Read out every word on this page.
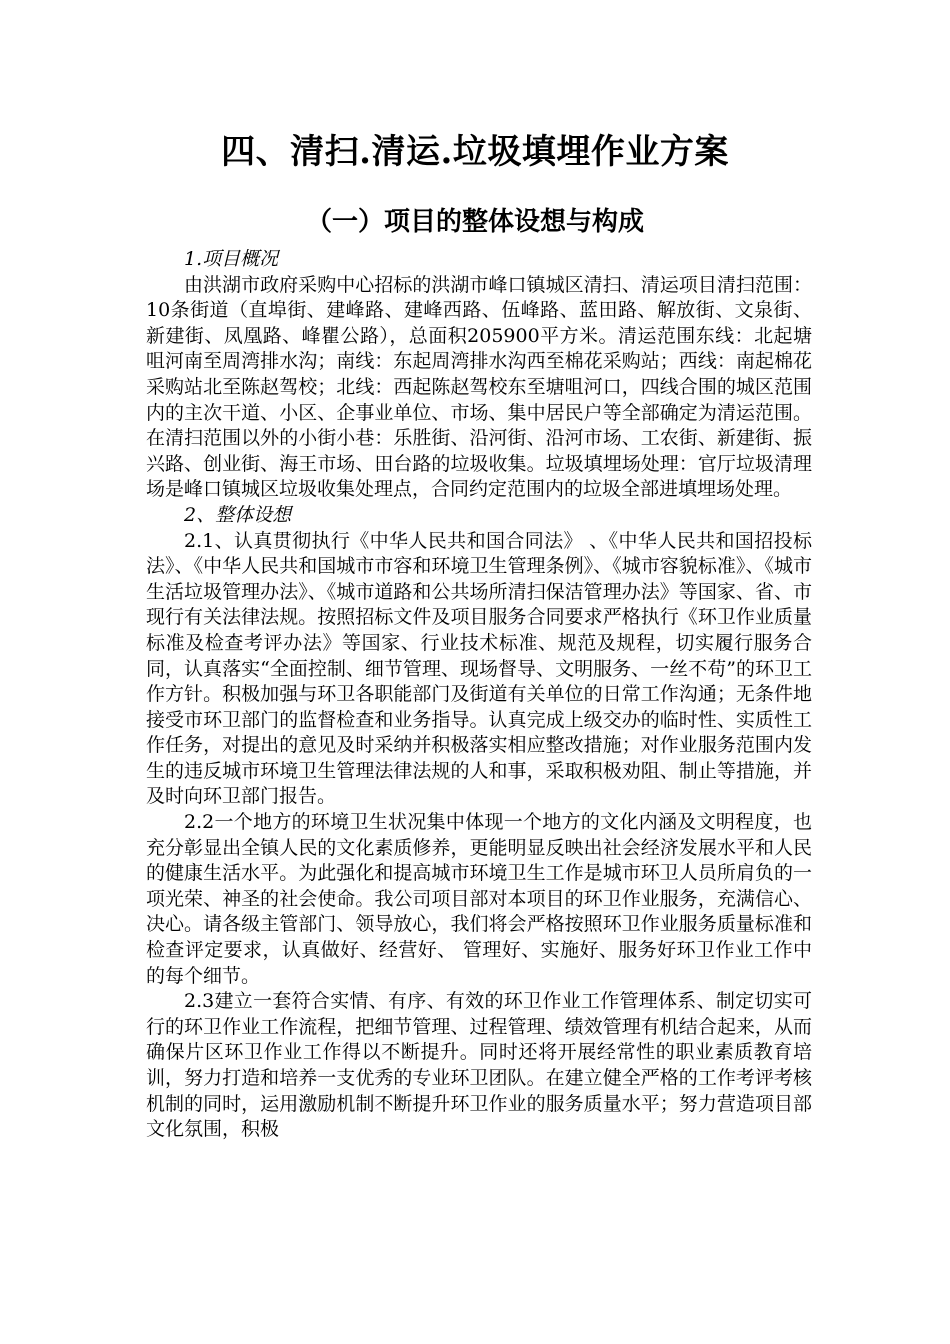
四、清扫.清运.垃圾填埋作业方案
（一）项目的整体设想与构成

1.项目概况

由洪湖市政府采购中心招标的洪湖市峰口镇城区清扫、清运项目清扫范围：10条街道（直埠街、建峰路、建峰西路、伍峰路、蓝田路、解放街、文泉街、新建街、凤凰路、峰瞿公路），总面积205900平方米。清运范围东线：北起塘咀河南至周湾排水沟；南线：东起周湾排水沟西至棉花采购站；西线：南起棉花采购站北至陈赵驾校；北线：西起陈赵驾校东至塘咀河口，四线合围的城区范围内的主次干道、小区、企事业单位、市场、集中居民户等全部确定为清运范围。在清扫范围以外的小街小巷：乐胜街、沿河街、沿河市场、工农街、新建街、振兴路、创业街、海王市场、田台路的垃圾收集。垃圾填埋场处理：官厅垃圾清理场是峰口镇城区垃圾收集处理点，合同约定范围内的垃圾全部进填埋场处理。

2、整体设想

2.1、认真贯彻执行《中华人民共和国合同法》 、《中华人民共和国招投标法》、《中华人民共和国城市市容和环境卫生管理条例》、《城市容貌标准》、《城市生活垃圾管理办法》、《城市道路和公共场所清扫保洁管理办法》等国家、省、市现行有关法律法规。按照招标文件及项目服务合同要求严格执行《环卫作业质量标准及检查考评办法》等国家、行业技术标准、规范及规程，切实履行服务合同，认真落实“全面控制、细节管理、现场督导、文明服务、一丝不苟”的环卫工作方针。积极加强与环卫各职能部门及街道有关单位的日常工作沟通；无条件地接受市环卫部门的监督检查和业务指导。认真完成上级交办的临时性、实质性工作任务，对提出的意见及时采纳并积极落实相应整改措施；对作业服务范围内发生的违反城市环境卫生管理法律法规的人和事，采取积极劝阻、制止等措施，并及时向环卫部门报告。

2.2一个地方的环境卫生状况集中体现一个地方的文化内涵及文明程度，也充分彰显出全镇人民的文化素质修养，更能明显反映出社会经济发展水平和人民的健康生活水平。为此强化和提高城市环境卫生工作是城市环卫人员所肩负的一项光荣、神圣的社会使命。我公司项目部对本项目的环卫作业服务，充满信心、决心。请各级主管部门、领导放心，我们将会严格按照环卫作业服务质量标准和检查评定要求，认真做好、经营好、 管理好、实施好、服务好环卫作业工作中的每个细节。

2.3建立一套符合实情、有序、有效的环卫作业工作管理体系、制定切实可行的环卫作业工作流程，把细节管理、过程管理、绩效管理有机结合起来，从而确保片区环卫作业工作得以不断提升。同时还将开展经常性的职业素质教育培训，努力打造和培养一支优秀的专业环卫团队。在建立健全严格的工作考评考核机制的同时，运用激励机制不断提升环卫作业的服务质量水平；努力营造项目部文化氛围，积极
